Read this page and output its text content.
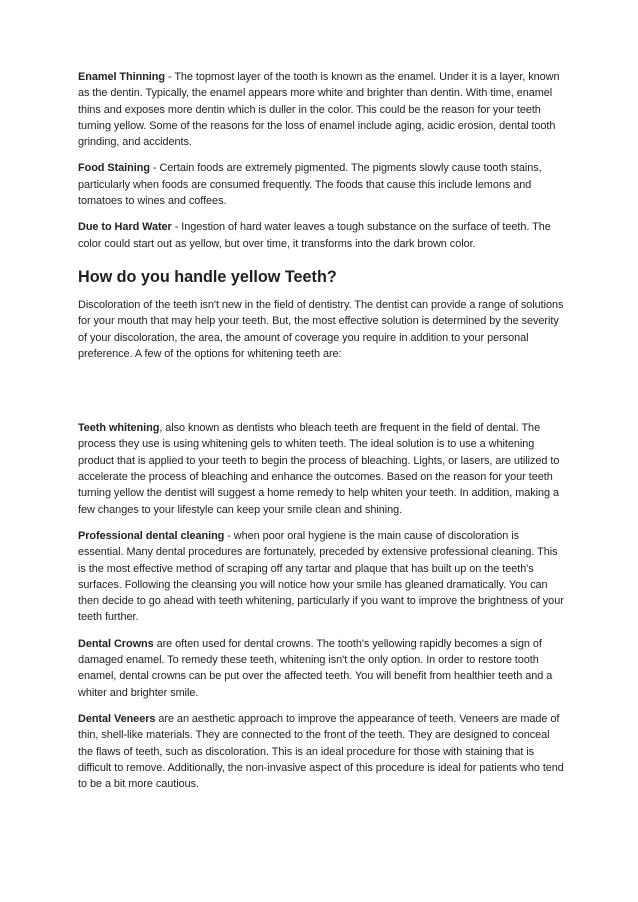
Enamel Thinning - The topmost layer of the tooth is known as the enamel. Under it is a layer, known as the dentin. Typically, the enamel appears more white and brighter than dentin. With time, enamel thins and exposes more dentin which is duller in the color. This could be the reason for your teeth turning yellow. Some of the reasons for the loss of enamel include aging, acidic erosion, dental tooth grinding, and accidents.

Food Staining - Certain foods are extremely pigmented. The pigments slowly cause tooth stains, particularly when foods are consumed frequently. The foods that cause this include lemons and tomatoes to wines and coffees.

Due to Hard Water - Ingestion of hard water leaves a tough substance on the surface of teeth. The color could start out as yellow, but over time, it transforms into the dark brown color.

How do you handle yellow Teeth?

Discoloration of the teeth isn't new in the field of dentistry. The dentist can provide a range of solutions for your mouth that may help your teeth. But, the most effective solution is determined by the severity of your discoloration, the area, the amount of coverage you require in addition to your personal preference. A few of the options for whitening teeth are:

Teeth whitening, also known as dentists who bleach teeth are frequent in the field of dental. The process they use is using whitening gels to whiten teeth. The ideal solution is to use a whitening product that is applied to your teeth to begin the process of bleaching. Lights, or lasers, are utilized to accelerate the process of bleaching and enhance the outcomes. Based on the reason for your teeth turning yellow the dentist will suggest a home remedy to help whiten your teeth. In addition, making a few changes to your lifestyle can keep your smile clean and shining.

Professional dental cleaning - when poor oral hygiene is the main cause of discoloration is essential. Many dental procedures are fortunately, preceded by extensive professional cleaning. This is the most effective method of scraping off any tartar and plaque that has built up on the teeth's surfaces. Following the cleansing you will notice how your smile has gleaned dramatically. You can then decide to go ahead with teeth whitening, particularly if you want to improve the brightness of your teeth further.

Dental Crowns are often used for dental crowns. The tooth's yellowing rapidly becomes a sign of damaged enamel. To remedy these teeth, whitening isn't the only option. In order to restore tooth enamel, dental crowns can be put over the affected teeth. You will benefit from healthier teeth and a whiter and brighter smile.

Dental Veneers are an aesthetic approach to improve the appearance of teeth. Veneers are made of thin, shell-like materials. They are connected to the front of the teeth. They are designed to conceal the flaws of teeth, such as discoloration. This is an ideal procedure for those with staining that is difficult to remove. Additionally, the non-invasive aspect of this procedure is ideal for patients who tend to be a bit more cautious.
